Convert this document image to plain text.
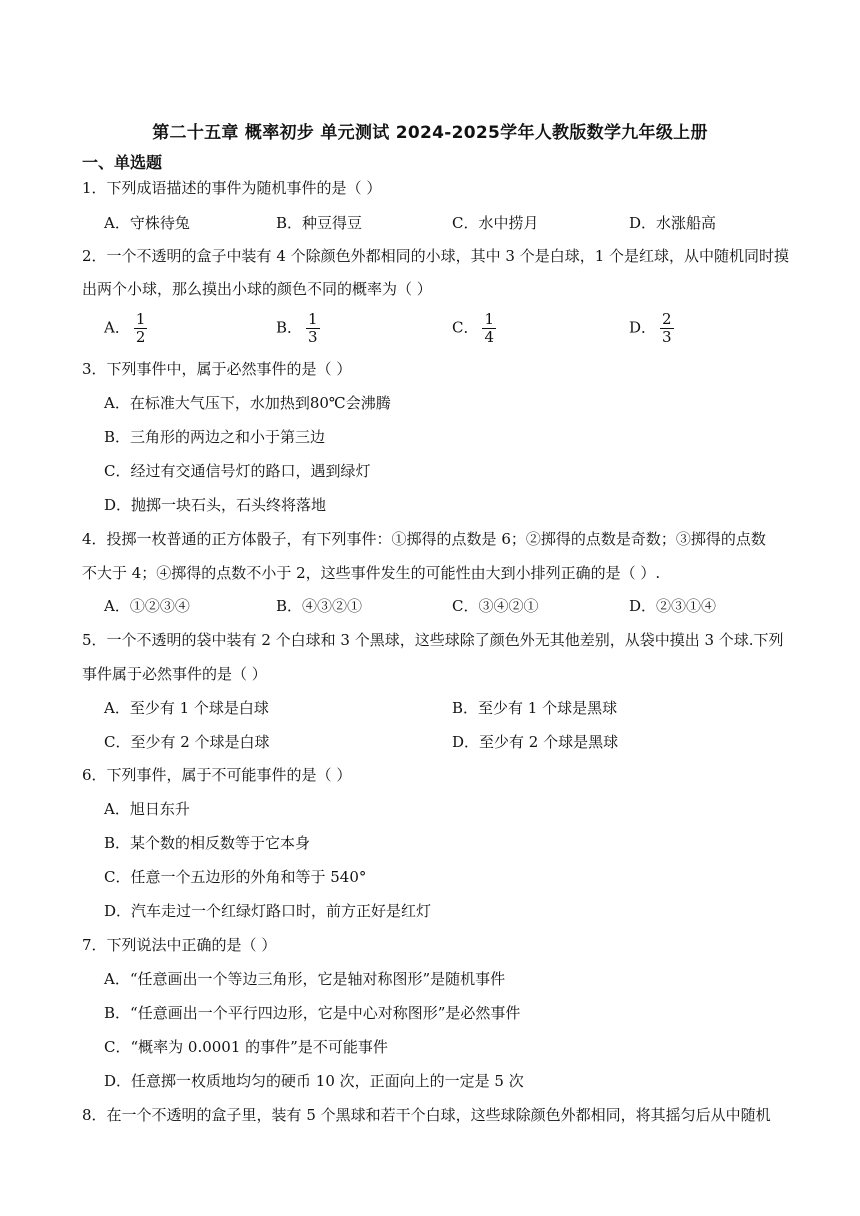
第二十五章 概率初步 单元测试 2024-2025学年人教版数学九年级上册
一、单选题
1．下列成语描述的事件为随机事件的是（ ）
A．守株待兔	B．种豆得豆	C．水中捞月	D．水涨船高
2．一个不透明的盒子中装有 4 个除颜色外都相同的小球，其中 3 个是白球，1 个是红球，从中随机同时摸
出两个小球，那么摸出小球的颜色不同的概率为（ ）
A． $\frac{1}{2}$	B． $\frac{1}{3}$	C． $\frac{1}{4}$	D． $\frac{2}{3}$
3．下列事件中，属于必然事件的是（ ）
A．在标准大气压下，水加热到80℃会沸腾
B．三角形的两边之和小于第三边
C．经过有交通信号灯的路口，遇到绿灯
D．抛掷一块石头，石头终将落地
4．投掷一枚普通的正方体骰子，有下列事件：①掷得的点数是 6；②掷得的点数是奇数；③掷得的点数
不大于 4；④掷得的点数不小于 2，这些事件发生的可能性由大到小排列正确的是（ ）.
A．①②③④	B．④③②①	C．③④②①	D．②③①④
5．一个不透明的袋中装有 2 个白球和 3 个黑球，这些球除了颜色外无其他差别，从袋中摸出 3 个球.下列
事件属于必然事件的是（ ）
A．至少有 1 个球是白球	B．至少有 1 个球是黑球
C．至少有 2 个球是白球	D．至少有 2 个球是黑球
6．下列事件，属于不可能事件的是（ ）
A．旭日东升
B．某个数的相反数等于它本身
C．任意一个五边形的外角和等于 540°
D．汽车走过一个红绿灯路口时，前方正好是红灯
7．下列说法中正确的是（ ）
A．“任意画出一个等边三角形，它是轴对称图形”是随机事件
B．“任意画出一个平行四边形，它是中心对称图形”是必然事件
C．“概率为 0.0001 的事件”是不可能事件
D．任意掷一枚质地均匀的硬币 10 次，正面向上的一定是 5 次
8．在一个不透明的盒子里，装有 5 个黑球和若干个白球，这些球除颜色外都相同，将其摇匀后从中随机
